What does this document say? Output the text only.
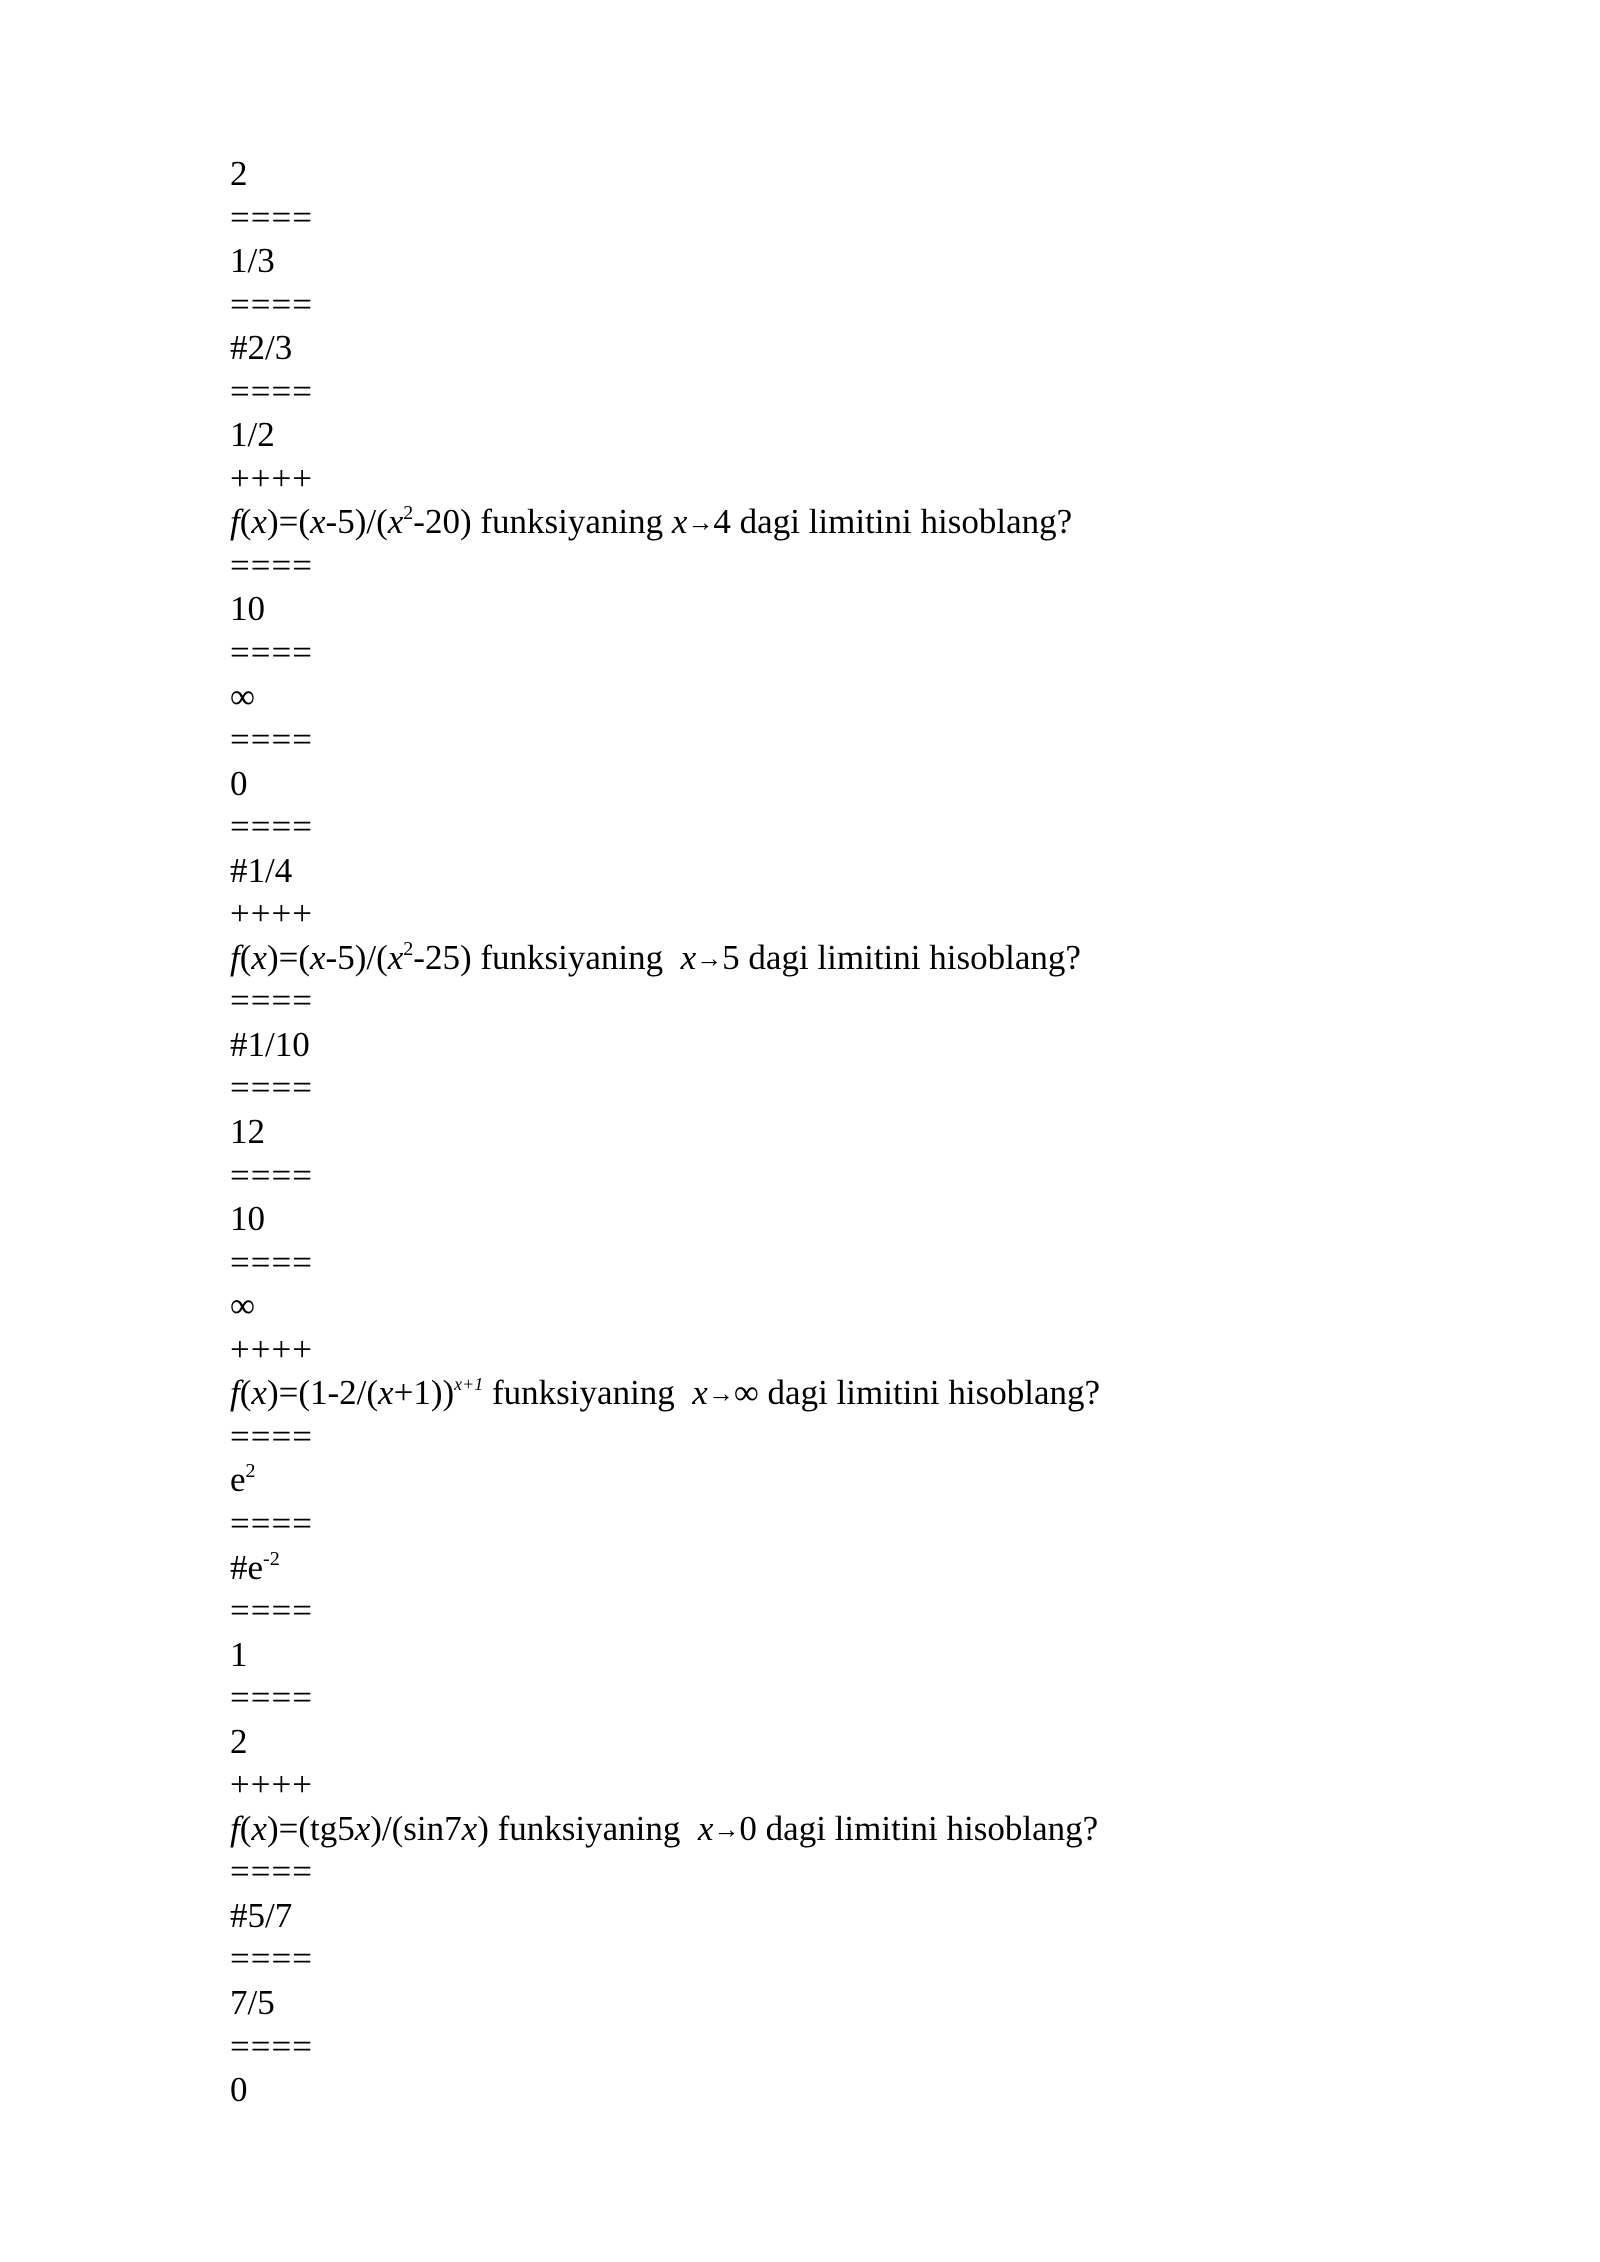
2
====
1/3
====
#2/3
====
1/2
++++
$f(x)=(x-5)/(x^2-20)$ funksiyaning x→4 dagi limitini hisoblang?
====
10
====
∞
====
0
====
#1/4
++++
$f(x)=(x-5)/(x^2-25)$ funksiyaning  x→5 dagi limitini hisoblang?
====
#1/10
====
12
====
10
====
∞
++++
$f(x)=(1-2/(x+1))^{x+1}$ funksiyaning  x→∞ dagi limitini hisoblang?
====
$e^2$
====
$\#e^{-2}$
====
1
====
2
++++
f(x)=(tg5x)/(sin7x) funksiyaning  x→0 dagi limitini hisoblang?
====
#5/7
====
7/5
====
0
